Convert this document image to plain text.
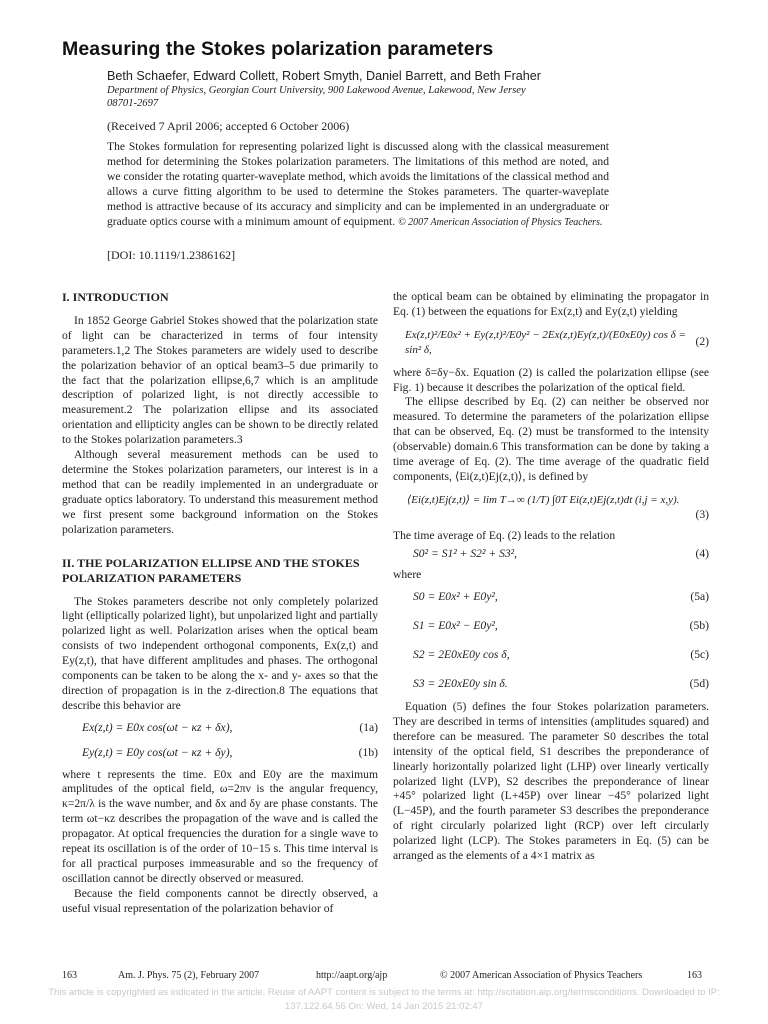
Measuring the Stokes polarization parameters
Beth Schaefer, Edward Collett, Robert Smyth, Daniel Barrett, and Beth Fraher
Department of Physics, Georgian Court University, 900 Lakewood Avenue, Lakewood, New Jersey 08701-2697
(Received 7 April 2006; accepted 6 October 2006)
The Stokes formulation for representing polarized light is discussed along with the classical measurement method for determining the Stokes polarization parameters. The limitations of this method are noted, and we consider the rotating quarter-waveplate method, which avoids the limitations of the classical method and allows a curve fitting algorithm to be used to determine the Stokes parameters. The quarter-waveplate method is attractive because of its accuracy and simplicity and can be implemented in an undergraduate or graduate optics course with a minimum amount of equipment. © 2007 American Association of Physics Teachers.
[DOI: 10.1119/1.2386162]
I. INTRODUCTION

In 1852 George Gabriel Stokes showed that the polarization state of light can be characterized in terms of four intensity parameters.1,2 The Stokes parameters are widely used to describe the polarization behavior of an optical beam3–5 due primarily to the fact that the polarization ellipse,6,7 which is an amplitude description of polarized light, is not directly accessible to measurement.2 The polarization ellipse and its associated orientation and ellipticity angles can be shown to be directly related to the Stokes polarization parameters.3

Although several measurement methods can be used to determine the Stokes polarization parameters, our interest is in a method that can be readily implemented in an undergraduate or graduate optics laboratory. To understand this measurement method we first present some background information on the Stokes polarization parameters.

II. THE POLARIZATION ELLIPSE AND THE STOKES POLARIZATION PARAMETERS

The Stokes parameters describe not only completely polarized light (elliptically polarized light), but unpolarized light and partially polarized light as well. Polarization arises when the optical beam consists of two independent orthogonal components, Ex(z,t) and Ey(z,t), that have different amplitudes and phases. The orthogonal components can be taken to be along the x- and y- axes so that the direction of propagation is in the z-direction.8 The equations that describe this behavior are

Ex(z,t) = E0x cos(ωt − κz + δx),	(1a)
Ey(z,t) = E0y cos(ωt − κz + δy),	(1b)

where t represents the time. E0x and E0y are the maximum amplitudes of the optical field, ω=2πν is the angular frequency, κ=2π/λ is the wave number, and δx and δy are phase constants. The term ωt−κz describes the propagation of the wave and is called the propagator. At optical frequencies the duration for a single wave to repeat its oscillation is of the order of 10−15 s. This time interval is for all practical purposes immeasurable and so the frequency of oscillation cannot be directly observed or measured.

Because the field components cannot be directly observed, a useful visual representation of the polarization behavior of

the optical beam can be obtained by eliminating the propagator in Eq. (1) between the equations for Ex(z,t) and Ey(z,t) yielding

Ex(z,t)²/E0x² + Ey(z,t)²/E0y² − 2Ex(z,t)Ey(z,t)/(E0xE0y) cos δ = sin² δ,
(2)

where δ=δy−δx. Equation (2) is called the polarization ellipse (see Fig. 1) because it describes the polarization of the optical field.

The ellipse described by Eq. (2) can neither be observed nor measured. To determine the parameters of the polarization ellipse that can be observed, Eq. (2) must be transformed to the intensity (observable) domain.6 This transformation can be done by taking a time average of Eq. (2). The time average of the quadratic field components, ⟨Ei(z,t)Ej(z,t)⟩, is defined by

⟨Ei(z,t)Ej(z,t)⟩ = lim T→∞ (1/T) ∫0T Ei(z,t)Ej(z,t)dt (i,j = x,y).
(3)

The time average of Eq. (2) leads to the relation

S0² = S1² + S2² + S3²,	(4)

where

S0 = E0x² + E0y²,	(5a)
S1 = E0x² − E0y²,	(5b)
S2 = 2E0xE0y cos δ,	(5c)
S3 = 2E0xE0y sin δ.	(5d)

Equation (5) defines the four Stokes polarization parameters. They are described in terms of intensities (amplitudes squared) and therefore can be measured. The parameter S0 describes the total intensity of the optical field, S1 describes the preponderance of linearly horizontally polarized light (LHP) over linearly vertically polarized light (LVP), S2 describes the preponderance of linear +45° polarized light (L+45P) over linear −45° polarized light (L−45P), and the fourth parameter S3 describes the preponderance of right circularly polarized light (RCP) over left circularly polarized light (LCP). The Stokes parameters in Eq. (5) can be arranged as the elements of a 4×1 matrix as

163	Am. J. Phys. 75 (2), February 2007	http://aapt.org/ajp	© 2007 American Association of Physics Teachers	163
This article is copyrighted as indicated in the article. Reuse of AAPT content is subject to the terms at: http://scitation.aip.org/termsconditions. Downloaded to IP:
137.122.64.56 On: Wed, 14 Jan 2015 21:02:47
